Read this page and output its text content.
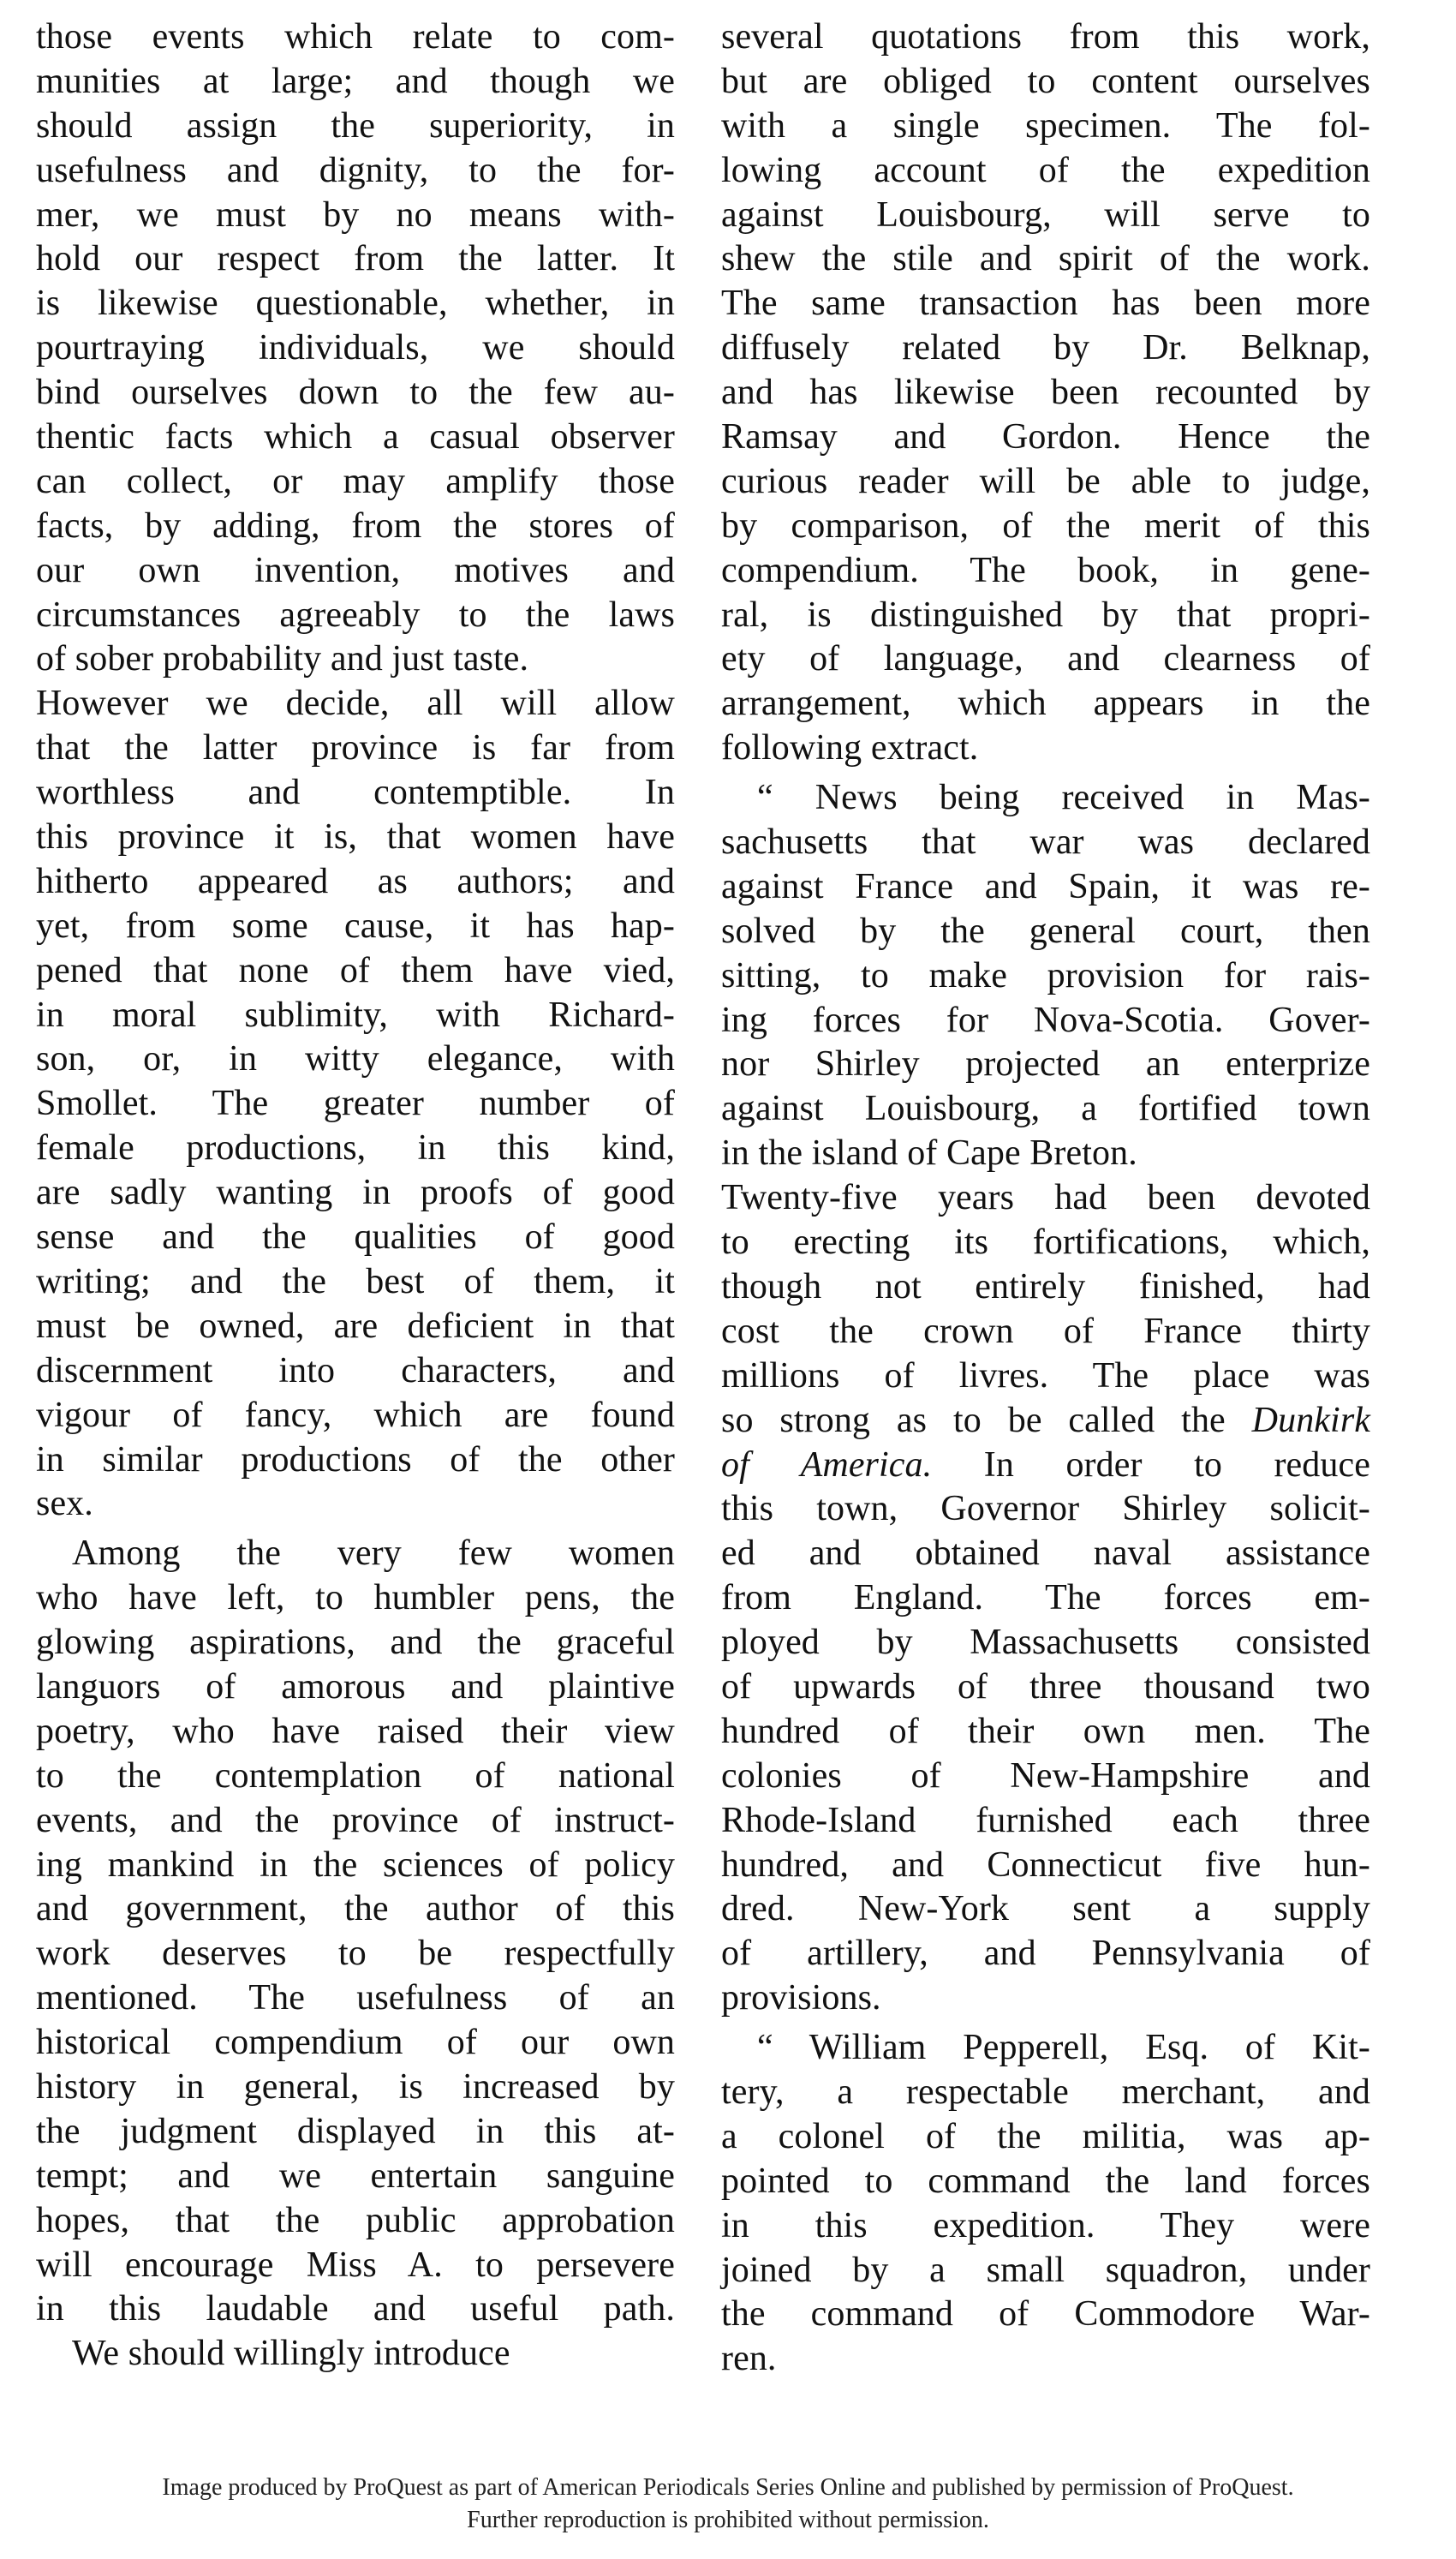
those events which relate to com-
munities at large; and though we
should assign the superiority, in
usefulness and dignity, to the for-
mer, we must by no means with-
hold our respect from the latter. It
is likewise questionable, whether, in
pourtraying individuals, we should
bind ourselves down to the few au-
thentic facts which a casual observer
can collect, or may amplify those
facts, by adding, from the stores of
our own invention, motives and
circumstances agreeably to the laws
of sober probability and just taste.
However we decide, all will allow
that the latter province is far from
worthless and contemptible. In
this province it is, that women have
hitherto appeared as authors; and
yet, from some cause, it has hap-
pened that none of them have vied,
in moral sublimity, with Richard-
son, or, in witty elegance, with
Smollet. The greater number of
female productions, in this kind,
are sadly wanting in proofs of good
sense and the qualities of good
writing; and the best of them, it
must be owned, are deficient in that
discernment into characters, and
vigour of fancy, which are found
in similar productions of the other
sex.
Among the very few women
who have left, to humbler pens, the
glowing aspirations, and the graceful
languors of amorous and plaintive
poetry, who have raised their view
to the contemplation of national
events, and the province of instruct-
ing mankind in the sciences of policy
and government, the author of this
work deserves to be respectfully
mentioned. The usefulness of an
historical compendium of our own
history in general, is increased by
the judgment displayed in this at-
tempt; and we entertain sanguine
hopes, that the public approbation
will encourage Miss A. to persevere
in this laudable and useful path.
We should willingly introduce
several quotations from this work,
but are obliged to content ourselves
with a single specimen. The fol-
lowing account of the expedition
against Louisbourg, will serve to
shew the stile and spirit of the work.
The same transaction has been more
diffusely related by Dr. Belknap,
and has likewise been recounted by
Ramsay and Gordon. Hence the
curious reader will be able to judge,
by comparison, of the merit of this
compendium. The book, in gene-
ral, is distinguished by that propri-
ety of language, and clearness of
arrangement, which appears in the
following extract.
“ News being received in Mas-
sachusetts that war was declared
against France and Spain, it was re-
solved by the general court, then
sitting, to make provision for rais-
ing forces for Nova-Scotia. Gover-
nor Shirley projected an enterprize
against Louisbourg, a fortified town
in the island of Cape Breton.
Twenty-five years had been devoted
to erecting its fortifications, which,
though not entirely finished, had
cost the crown of France thirty
millions of livres. The place was
so strong as to be called the Dunkirk
of America. In order to reduce
this town, Governor Shirley solicit-
ed and obtained naval assistance
from England. The forces em-
ployed by Massachusetts consisted
of upwards of three thousand two
hundred of their own men. The
colonies of New-Hampshire and
Rhode-Island furnished each three
hundred, and Connecticut five hun-
dred. New-York sent a supply
of artillery, and Pennsylvania of
provisions.
“ William Pepperell, Esq. of Kit-
tery, a respectable merchant, and
a colonel of the militia, was ap-
pointed to command the land forces
in this expedition. They were
joined by a small squadron, under
the command of Commodore War-
ren.
Image produced by ProQuest as part of American Periodicals Series Online and published by permission of ProQuest.
Further reproduction is prohibited without permission.
